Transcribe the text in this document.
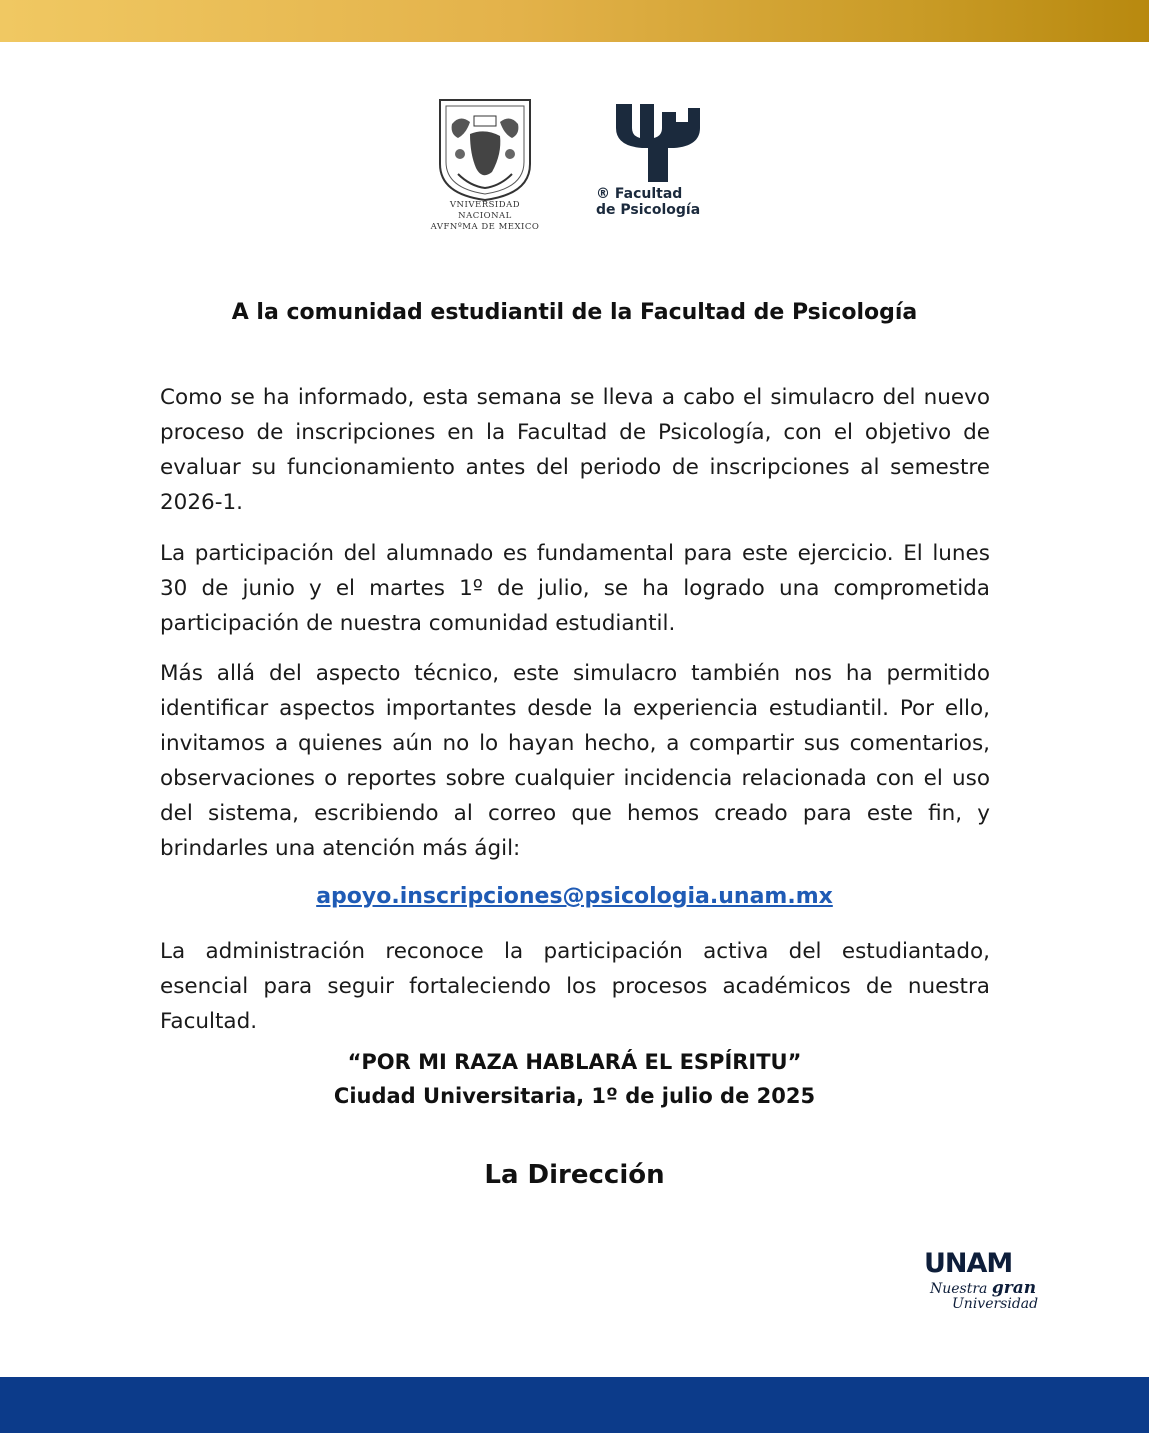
VNIVERSIDAD NACIONAL
AVFNºMA DE MEXICO
® Facultad
de Psicología
A la comunidad estudiantil de la Facultad de Psicología
Como se ha informado, esta semana se lleva a cabo el simulacro del nuevo proceso de inscripciones en la Facultad de Psicología, con el objetivo de evaluar su funcionamiento antes del periodo de inscripciones al semestre 2026-1.
La participación del alumnado es fundamental para este ejercicio. El lunes 30 de junio y el martes 1º de julio, se ha logrado una comprometida participación de nuestra comunidad estudiantil.
Más allá del aspecto técnico, este simulacro también nos ha permitido identificar aspectos importantes desde la experiencia estudiantil. Por ello, invitamos a quienes aún no lo hayan hecho, a compartir sus comentarios, observaciones o reportes sobre cualquier incidencia relacionada con el uso del sistema, escribiendo al correo que hemos creado para este fin, y brindarles una atención más ágil:
apoyo.inscripciones@psicologia.unam.mx
La administración reconoce la participación activa del estudiantado, esencial para seguir fortaleciendo los procesos académicos de nuestra Facultad.
“POR MI RAZA HABLARÁ EL ESPÍRITU”
Ciudad Universitaria, 1º de julio de 2025
La Dirección
UNAM
Nuestra gran
Universidad
